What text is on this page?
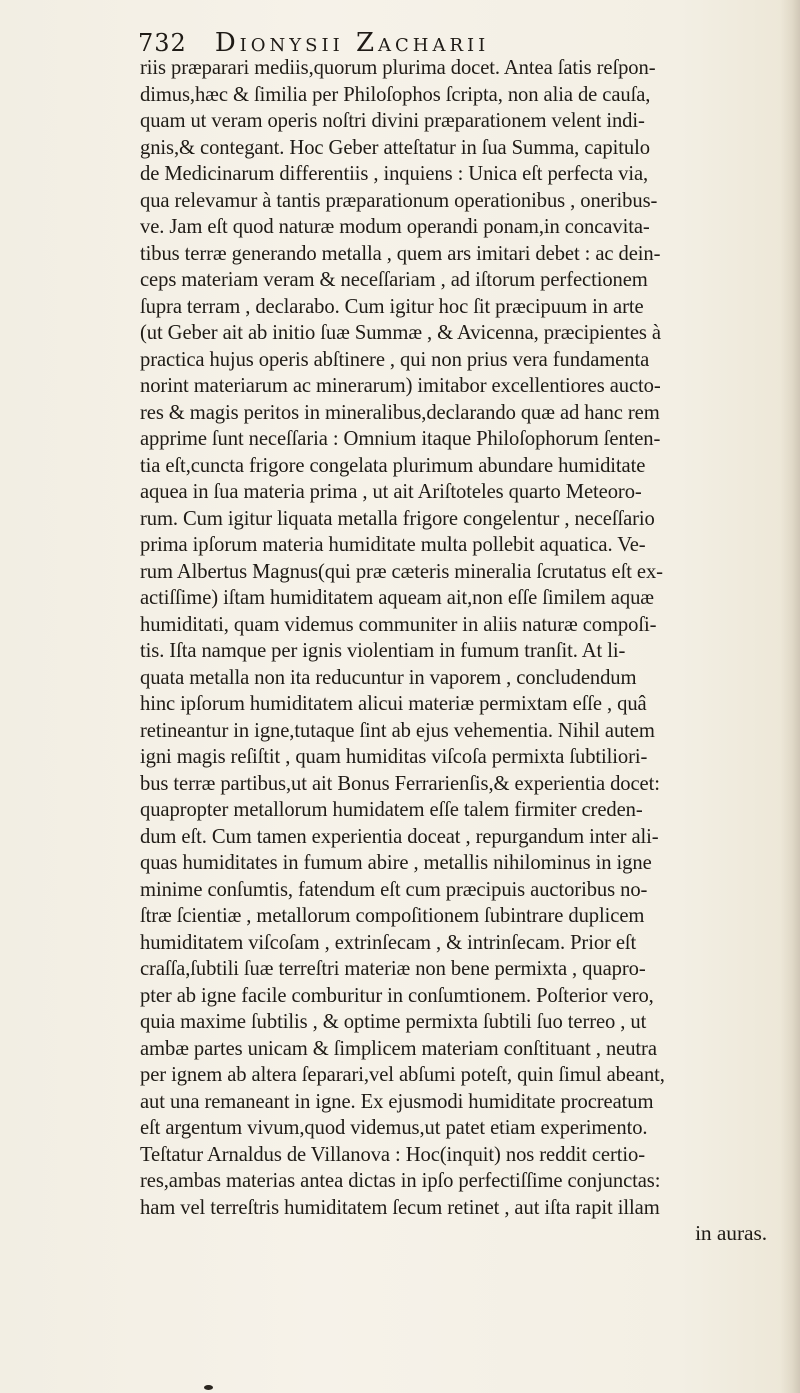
732 Dionysii Zacharii
riis præparari mediis,quorum plurima docet. Antea ſatis reſpon-
dimus,hæc & ſimilia per Philoſophos ſcripta, non alia de cauſa,
quam ut veram operis noſtri divini præparationem velent indi-
gnis,& contegant. Hoc Geber atteſtatur in ſua Summa, capitulo
de Medicinarum differentiis , inquiens : Unica eſt perfecta via,
qua relevamur à tantis præparationum operationibus , oneribus-
ve. Jam eſt quod naturæ modum operandi ponam,in concavita-
tibus terræ generando metalla , quem ars imitari debet : ac dein-
ceps materiam veram & neceſſariam , ad iſtorum perfectionem
ſupra terram , declarabo. Cum igitur hoc ſit præcipuum in arte
(ut Geber ait ab initio ſuæ Summæ , & Avicenna, præcipientes à
practica hujus operis abſtinere , qui non prius vera fundamenta
norint materiarum ac minerarum) imitabor excellentiores aucto-
res & magis peritos in mineralibus,declarando quæ ad hanc rem
apprime ſunt neceſſaria : Omnium itaque Philoſophorum ſenten-
tia eſt,cuncta frigore congelata plurimum abundare humiditate
aquea in ſua materia prima , ut ait Ariſtoteles quarto Meteoro-
rum. Cum igitur liquata metalla frigore congelentur , neceſſario
prima ipſorum materia humiditate multa pollebit aquatica. Ve-
rum Albertus Magnus(qui præ cæteris mineralia ſcrutatus eſt ex-
actiſſime) iſtam humiditatem aqueam ait,non eſſe ſimilem aquæ
humiditati, quam videmus communiter in aliis naturæ compoſi-
tis. Iſta namque per ignis violentiam in fumum tranſit. At li-
quata metalla non ita reducuntur in vaporem , concludendum
hinc ipſorum humiditatem alicui materiæ permixtam eſſe , quâ
retineantur in igne,tutaque ſint ab ejus vehementia. Nihil autem
igni magis reſiſtit , quam humiditas viſcoſa permixta ſubtiliori-
bus terræ partibus,ut ait Bonus Ferrarienſis,& experientia docet:
quapropter metallorum humidatem eſſe talem firmiter creden-
dum eſt. Cum tamen experientia doceat , repurgandum inter ali-
quas humiditates in fumum abire , metallis nihilominus in igne
minime conſumtis, fatendum eſt cum præcipuis auctoribus no-
ſtræ ſcientiæ , metallorum compoſitionem ſubintrare duplicem
humiditatem viſcoſam , extrinſecam , & intrinſecam. Prior eſt
craſſa,ſubtili ſuæ terreſtri materiæ non bene permixta , quapro-
pter ab igne facile comburitur in conſumtionem. Poſterior vero,
quia maxime ſubtilis , & optime permixta ſubtili ſuo terreo , ut
ambæ partes unicam & ſimplicem materiam conſtituant , neutra
per ignem ab altera ſeparari,vel abſumi poteſt, quin ſimul abeant,
aut una remaneant in igne. Ex ejusmodi humiditate procreatum
eſt argentum vivum,quod videmus,ut patet etiam experimento.
Teſtatur Arnaldus de Villanova : Hoc(inquit) nos reddit certio-
res,ambas materias antea dictas in ipſo perfectiſſime conjunctas:
ham vel terreſtris humiditatem ſecum retinet , aut iſta rapit illam
in auras.
